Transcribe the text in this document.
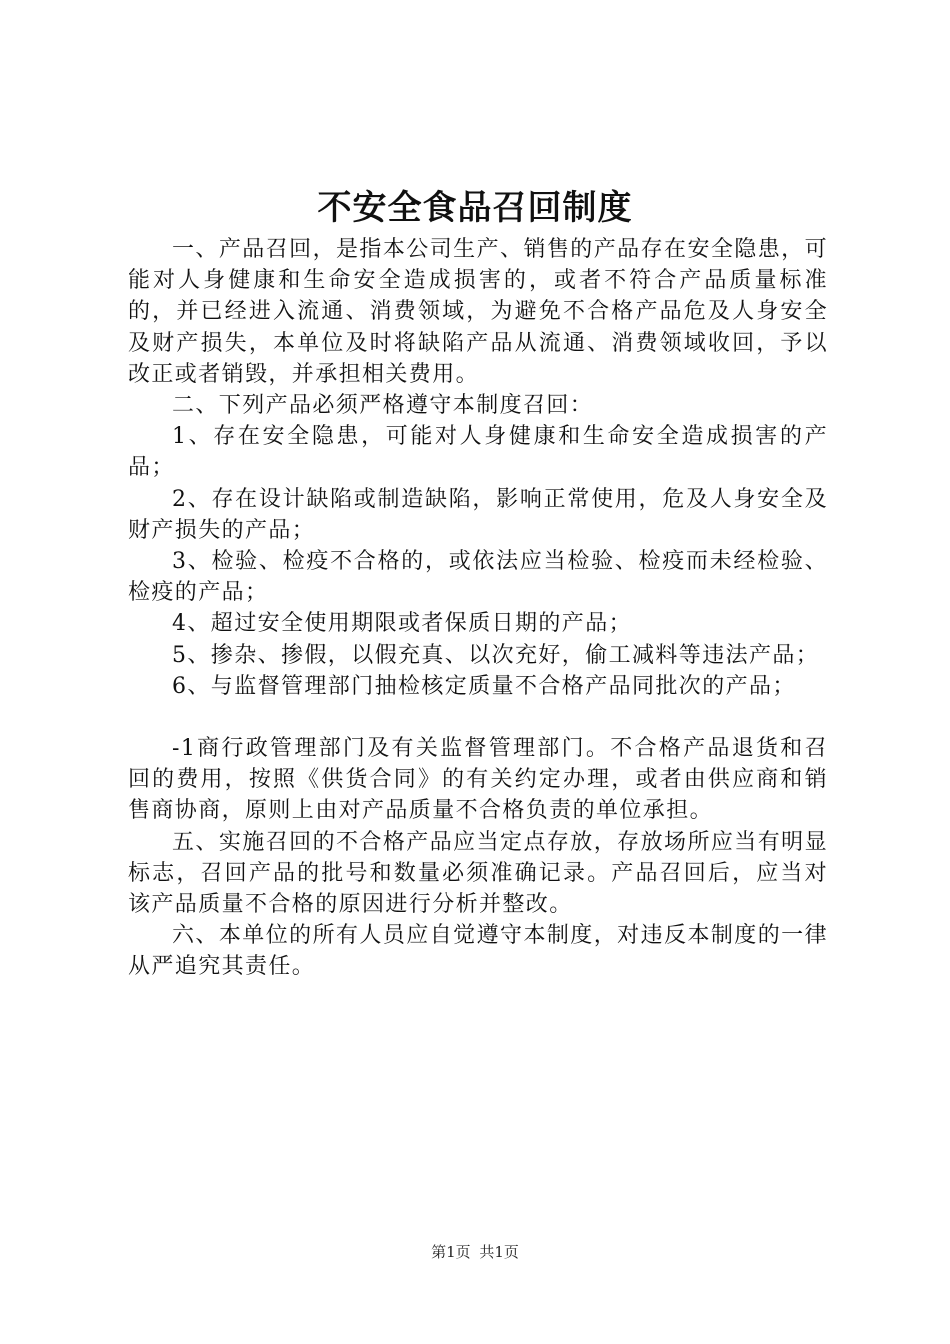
不安全食品召回制度

一、产品召回，是指本公司生产、销售的产品存在安全隐患，可能对人身健康和生命安全造成损害的，或者不符合产品质量标准的，并已经进入流通、消费领域，为避免不合格产品危及人身安全及财产损失，本单位及时将缺陷产品从流通、消费领域收回，予以改正或者销毁，并承担相关费用。

二、下列产品必须严格遵守本制度召回：

1、存在安全隐患，可能对人身健康和生命安全造成损害的产品；

2、存在设计缺陷或制造缺陷，影响正常使用，危及人身安全及财产损失的产品；

3、检验、检疫不合格的，或依法应当检验、检疫而未经检验、检疫的产品；

4、超过安全使用期限或者保质日期的产品；

5、掺杂、掺假，以假充真、以次充好，偷工减料等违法产品；

6、与监督管理部门抽检核定质量不合格产品同批次的产品；

-1商行政管理部门及有关监督管理部门。不合格产品退货和召回的费用，按照《供货合同》的有关约定办理，或者由供应商和销售商协商，原则上由对产品质量不合格负责的单位承担。

五、实施召回的不合格产品应当定点存放，存放场所应当有明显标志，召回产品的批号和数量必须准确记录。产品召回后，应当对该产品质量不合格的原因进行分析并整改。

六、本单位的所有人员应自觉遵守本制度，对违反本制度的一律从严追究其责任。

第1页 共1页
